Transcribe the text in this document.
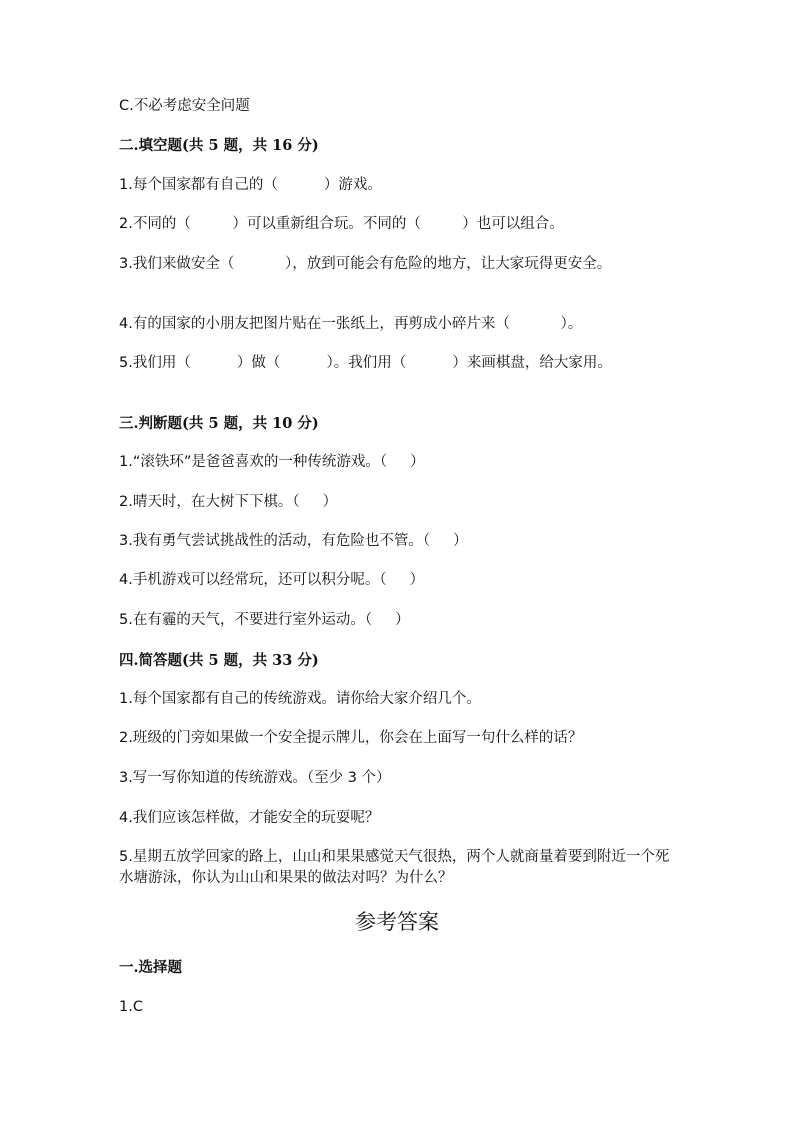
C.不必考虑安全问题
二.填空题(共 5 题，共 16 分)
1.每个国家都有自己的（          ）游戏。
2.不同的（         ）可以重新组合玩。不同的（         ）也可以组合。
3.我们来做安全（           ），放到可能会有危险的地方，让大家玩得更安全。
4.有的国家的小朋友把图片贴在一张纸上，再剪成小碎片来（           ）。
5.我们用（          ）做（          ）。我们用（          ）来画棋盘，给大家用。
三.判断题(共 5 题，共 10 分)
1.“滚铁环”是爸爸喜欢的一种传统游戏。（     ）
2.晴天时，在大树下下棋。（     ）
3.我有勇气尝试挑战性的活动，有危险也不管。（     ）
4.手机游戏可以经常玩，还可以积分呢。（     ）
5.在有霾的天气，不要进行室外运动。（     ）
四.简答题(共 5 题，共 33 分)
1.每个国家都有自己的传统游戏。请你给大家介绍几个。
2.班级的门旁如果做一个安全提示牌儿，你会在上面写一句什么样的话？
3.写一写你知道的传统游戏。（至少 3 个）
4.我们应该怎样做，才能安全的玩耍呢？
5.星期五放学回家的路上，山山和果果感觉天气很热，两个人就商量着要到附近一个死水塘游泳，你认为山山和果果的做法对吗？为什么？
参考答案
一.选择题
1.C
